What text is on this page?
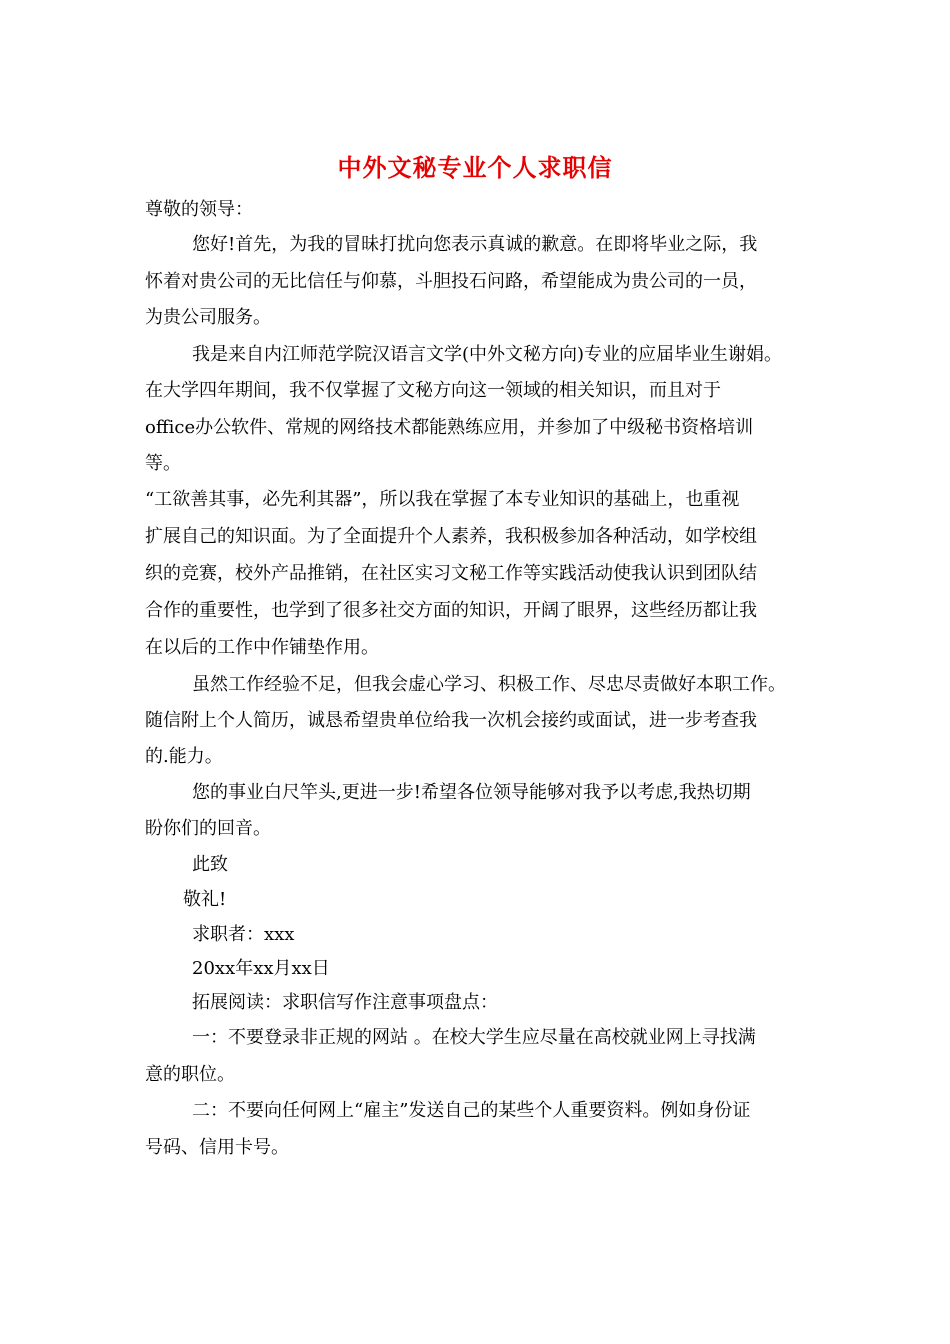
中外文秘专业个人求职信
尊敬的领导：
您好!首先，为我的冒昧打扰向您表示真诚的歉意。在即将毕业之际，我
怀着对贵公司的无比信任与仰慕，斗胆投石问路，希望能成为贵公司的一员，
为贵公司服务。
我是来自内江师范学院汉语言文学(中外文秘方向)专业的应届毕业生谢娟。
在大学四年期间，我不仅掌握了文秘方向这一领域的相关知识，而且对于
office办公软件、常规的网络技术都能熟练应用，并参加了中级秘书资格培训
等。
“工欲善其事，必先利其器”，所以我在掌握了本专业知识的基础上，也重视
扩展自己的知识面。为了全面提升个人素养，我积极参加各种活动，如学校组
织的竞赛，校外产品推销，在社区实习文秘工作等实践活动使我认识到团队结
合作的重要性，也学到了很多社交方面的知识，开阔了眼界，这些经历都让我
在以后的工作中作铺垫作用。
虽然工作经验不足，但我会虚心学习、积极工作、尽忠尽责做好本职工作。
随信附上个人简历，诚恳希望贵单位给我一次机会接约或面试，进一步考查我
的.能力。
您的事业白尺竿头,更进一步!希望各位领导能够对我予以考虑,我热切期
盼你们的回音。
此致
敬礼!
求职者：xxx
20xx年xx月xx日
拓展阅读：求职信写作注意事项盘点：
一：不要登录非正规的网站 。在校大学生应尽量在高校就业网上寻找满
意的职位。
二：不要向任何网上“雇主”发送自己的某些个人重要资料。例如身份证
号码、信用卡号。
